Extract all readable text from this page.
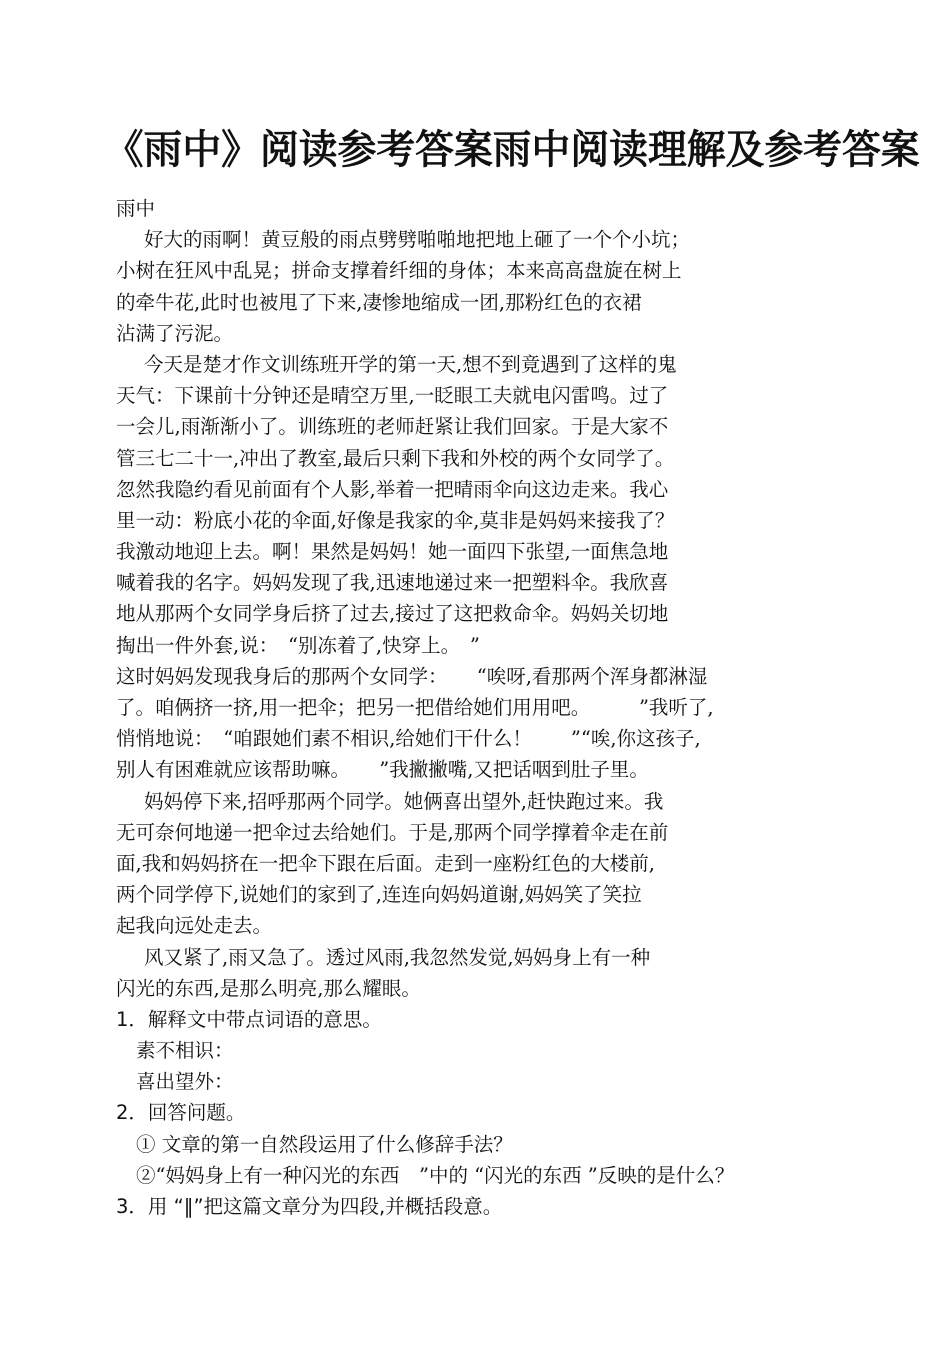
《雨中》阅读参考答案雨中阅读理解及参考答案
雨中
好大的雨啊！黄豆般的雨点劈劈啪啪地把地上砸了一个个小坑；
小树在狂风中乱晃；拼命支撑着纤细的身体；本来高高盘旋在树上
的牵牛花,此时也被甩了下来,凄惨地缩成一团,那粉红色的衣裙
沾满了污泥。
今天是楚才作文训练班开学的第一天,想不到竟遇到了这样的鬼
天气：下课前十分钟还是晴空万里,一眨眼工夫就电闪雷鸣。过了
一会儿,雨渐渐小了。训练班的老师赶紧让我们回家。于是大家不
管三七二十一,冲出了教室,最后只剩下我和外校的两个女同学了。
忽然我隐约看见前面有个人影,举着一把晴雨伞向这边走来。我心
里一动：粉底小花的伞面,好像是我家的伞,莫非是妈妈来接我了？
我激动地迎上去。啊！果然是妈妈！她一面四下张望,一面焦急地
喊着我的名字。妈妈发现了我,迅速地递过来一把塑料伞。我欣喜
地从那两个女同学身后挤了过去,接过了这把救命伞。妈妈关切地
掏出一件外套,说：　“别冻着了,快穿上。　”
这时妈妈发现我身后的那两个女同学：　　“唉呀,看那两个浑身都淋湿
了。咱俩挤一挤,用一把伞；把另一把借给她们用用吧。　　　”我听了,
悄悄地说：　“咱跟她们素不相识,给她们干什么！　　”“唉,你这孩子,
别人有困难就应该帮助嘛。　　”我撇撇嘴,又把话咽到肚子里。
妈妈停下来,招呼那两个同学。她俩喜出望外,赶快跑过来。我
无可奈何地递一把伞过去给她们。于是,那两个同学撑着伞走在前
面,我和妈妈挤在一把伞下跟在后面。走到一座粉红色的大楼前,
两个同学停下,说她们的家到了,连连向妈妈道谢,妈妈笑了笑拉
起我向远处走去。
风又紧了,雨又急了。透过风雨,我忽然发觉,妈妈身上有一种
闪光的东西,是那么明亮,那么耀眼。
1．解释文中带点词语的意思。
素不相识：
喜出望外：
2．回答问题。
① 文章的第一自然段运用了什么修辞手法？
②“妈妈身上有一种闪光的东西　”中的 “闪光的东西 ”反映的是什么？
3．用 “‖”把这篇文章分为四段,并概括段意。
